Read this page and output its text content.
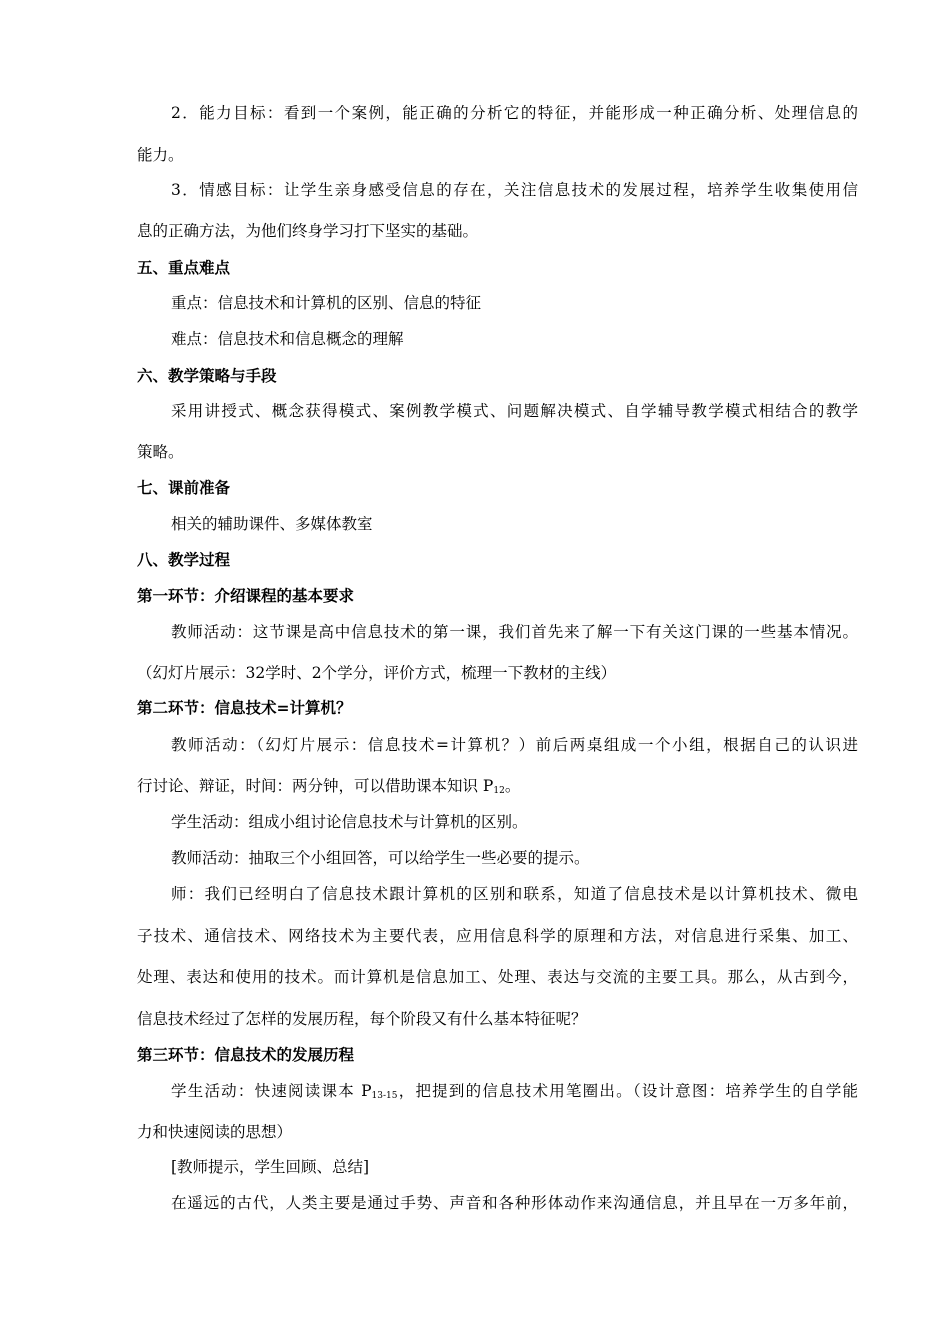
2．能力目标：看到一个案例，能正确的分析它的特征，并能形成一种正确分析、处理信息的
能力。
3．情感目标：让学生亲身感受信息的存在，关注信息技术的发展过程，培养学生收集使用信
息的正确方法，为他们终身学习打下坚实的基础。
五、重点难点
重点：信息技术和计算机的区别、信息的特征
难点：信息技术和信息概念的理解
六、教学策略与手段
采用讲授式、概念获得模式、案例教学模式、问题解决模式、自学辅导教学模式相结合的教学
策略。
七、课前准备
相关的辅助课件、多媒体教室
八、教学过程
第一环节：介绍课程的基本要求
教师活动：这节课是高中信息技术的第一课，我们首先来了解一下有关这门课的一些基本情况。
（幻灯片展示：32学时、2个学分，评价方式，梳理一下教材的主线）
第二环节：信息技术=计算机？
教师活动：（幻灯片展示：信息技术=计算机？）前后两桌组成一个小组，根据自己的认识进
行讨论、辩证，时间：两分钟，可以借助课本知识 $P_{12}$。
学生活动：组成小组讨论信息技术与计算机的区别。
教师活动：抽取三个小组回答，可以给学生一些必要的提示。
师：我们已经明白了信息技术跟计算机的区别和联系，知道了信息技术是以计算机技术、微电
子技术、通信技术、网络技术为主要代表，应用信息科学的原理和方法，对信息进行采集、加工、
处理、表达和使用的技术。而计算机是信息加工、处理、表达与交流的主要工具。那么，从古到今，
信息技术经过了怎样的发展历程，每个阶段又有什么基本特征呢？
第三环节：信息技术的发展历程
学生活动：快速阅读课本 $P_{13-15}$，把提到的信息技术用笔圈出。（设计意图：培养学生的自学能
力和快速阅读的思想）
[教师提示，学生回顾、总结]
在遥远的古代，人类主要是通过手势、声音和各种形体动作来沟通信息，并且早在一万多年前，
